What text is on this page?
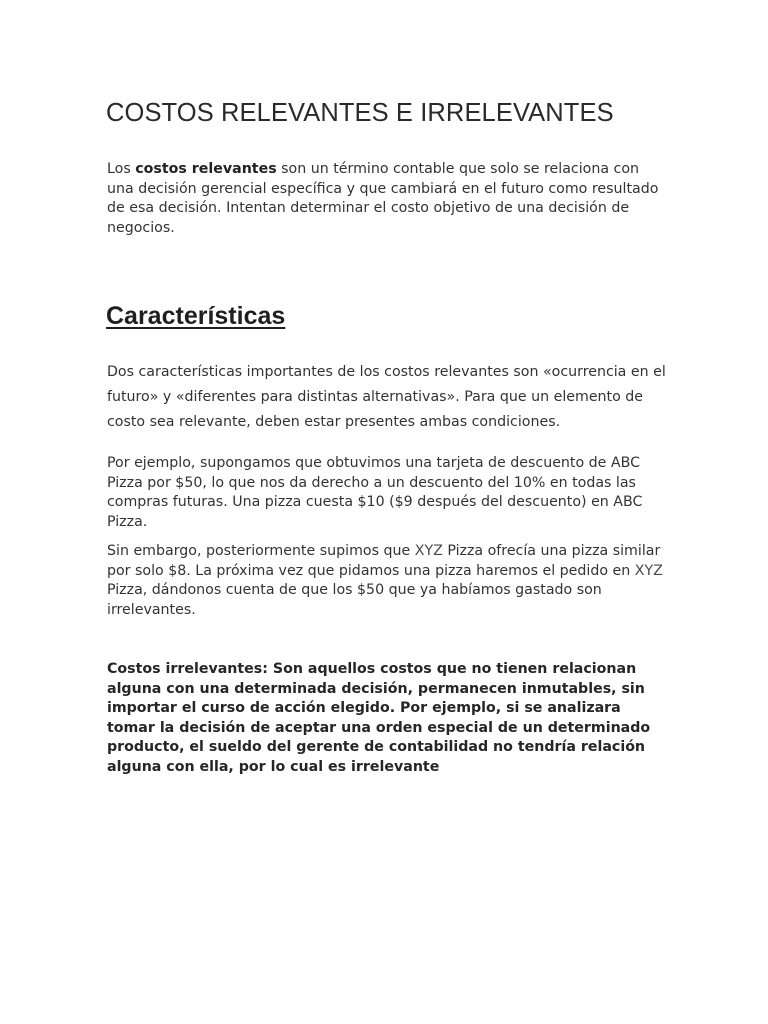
COSTOS RELEVANTES E IRRELEVANTES

Los costos relevantes son un término contable que solo se relaciona con una decisión gerencial específica y que cambiará en el futuro como resultado de esa decisión. Intentan determinar el costo objetivo de una decisión de negocios.

Características

Dos características importantes de los costos relevantes son «ocurrencia en el futuro» y «diferentes para distintas alternativas». Para que un elemento de costo sea relevante, deben estar presentes ambas condiciones.

Por ejemplo, supongamos que obtuvimos una tarjeta de descuento de ABC Pizza por $50, lo que nos da derecho a un descuento del 10% en todas las compras futuras. Una pizza cuesta $10 ($9 después del descuento) en ABC Pizza.

Sin embargo, posteriormente supimos que XYZ Pizza ofrecía una pizza similar por solo $8. La próxima vez que pidamos una pizza haremos el pedido en XYZ Pizza, dándonos cuenta de que los $50 que ya habíamos gastado son irrelevantes.

Costos irrelevantes: Son aquellos costos que no tienen relacionan alguna con una determinada decisión, permanecen inmutables, sin importar el curso de acción elegido. Por ejemplo, si se analizara tomar la decisión de aceptar una orden especial de un determinado producto, el sueldo del gerente de contabilidad no tendría relación alguna con ella, por lo cual es irrelevante
